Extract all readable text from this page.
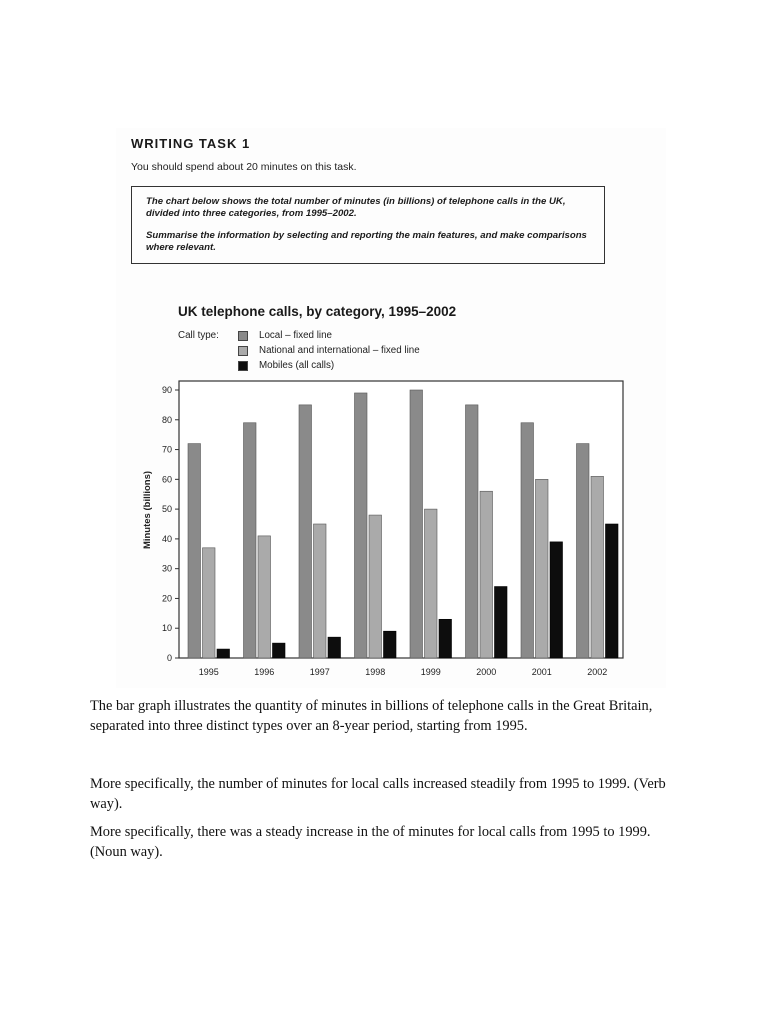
WRITING TASK 1
You should spend about 20 minutes on this task.

The chart below shows the total number of minutes (in billions) of telephone calls in the UK, divided into three categories, from 1995–2002.

Summarise the information by selecting and reporting the main features, and make comparisons where relevant.

UK telephone calls, by category, 1995–2002
Call type:	Local – fixed line
National and international – fixed line
Mobiles (all calls)
0
10
20
30
40
50
60
70
80
90
1995	1996	1997	1998	1999	2000	2001	2002
Minutes (billions)
The bar graph illustrates the quantity of minutes in billions of telephone calls in the Great Britain, separated into three distinct types over an 8-year period, starting from 1995.
More specifically, the number of minutes for local calls increased steadily from 1995 to 1999. (Verb way).
More specifically, there was a steady increase in the of minutes for local calls from 1995 to 1999. (Noun way).
